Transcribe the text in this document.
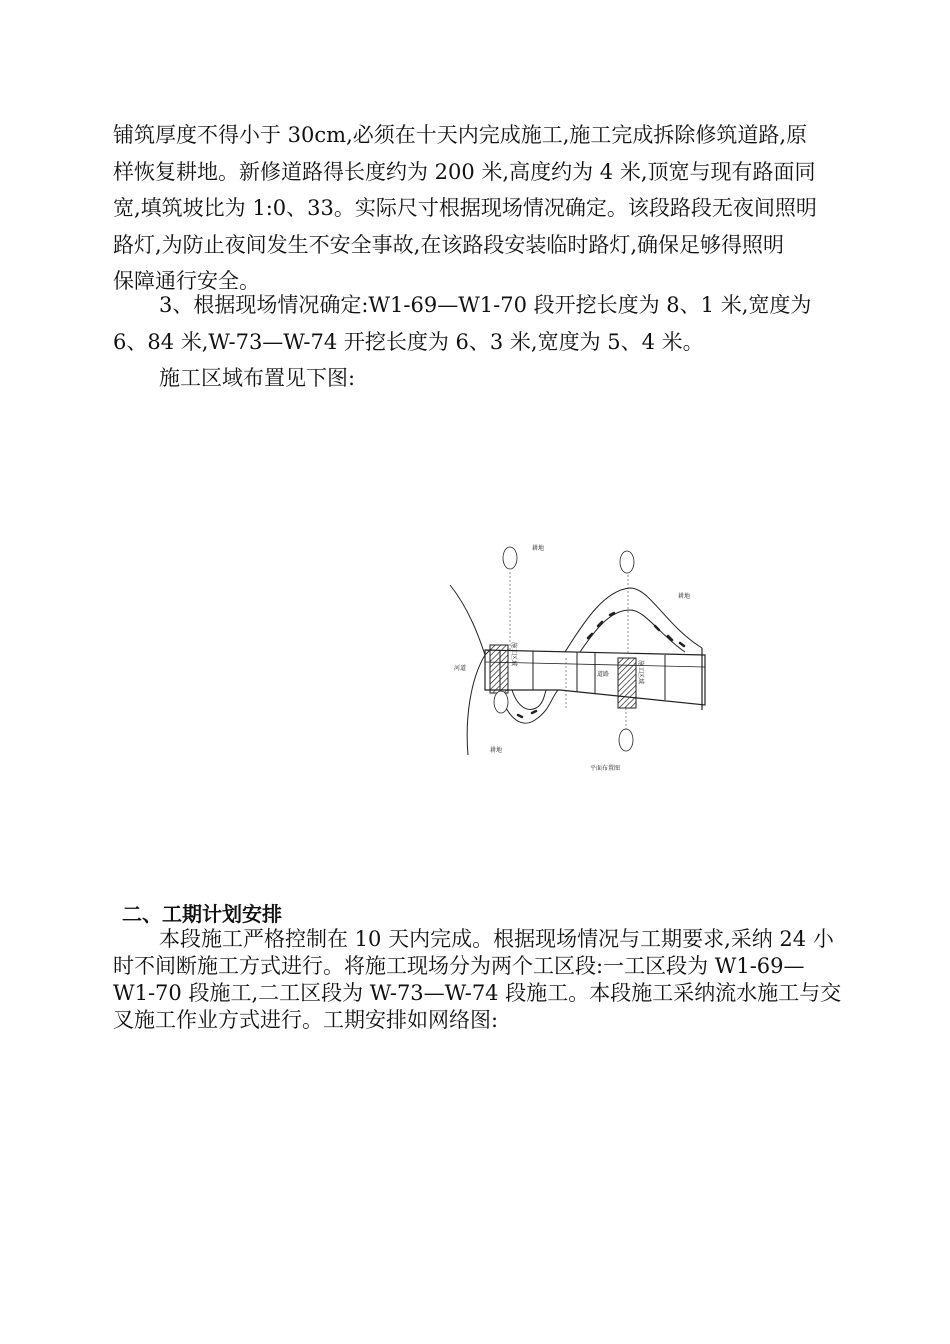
铺筑厚度不得小于 30cm,必须在十天内完成施工,施工完成拆除修筑道路,原
样恢复耕地。新修道路得长度约为 200 米,高度约为 4 米,顶宽与现有路面同
宽,填筑坡比为 1:0、33。实际尺寸根据现场情况确定。该段路段无夜间照明
路灯,为防止夜间发生不安全事故,在该路段安装临时路灯,确保足够得照明
保障通行安全。
3、根据现场情况确定:W1-69—W1-70 段开挖长度为 8、1 米,宽度为
6、84 米,W-73—W-74 开挖长度为 6、3 米,宽度为 5、4 米。
施工区域布置见下图:
耕地
耕地
耕地
施工区域
施工区域
道路
平面布置图
河道
二、工期计划安排
本段施工严格控制在 10 天内完成。根据现场情况与工期要求,采纳 24 小
时不间断施工方式进行。将施工现场分为两个工区段:一工区段为 W1-69—
W1-70 段施工,二工区段为 W-73—W-74 段施工。本段施工采纳流水施工与交
叉施工作业方式进行。工期安排如网络图:
